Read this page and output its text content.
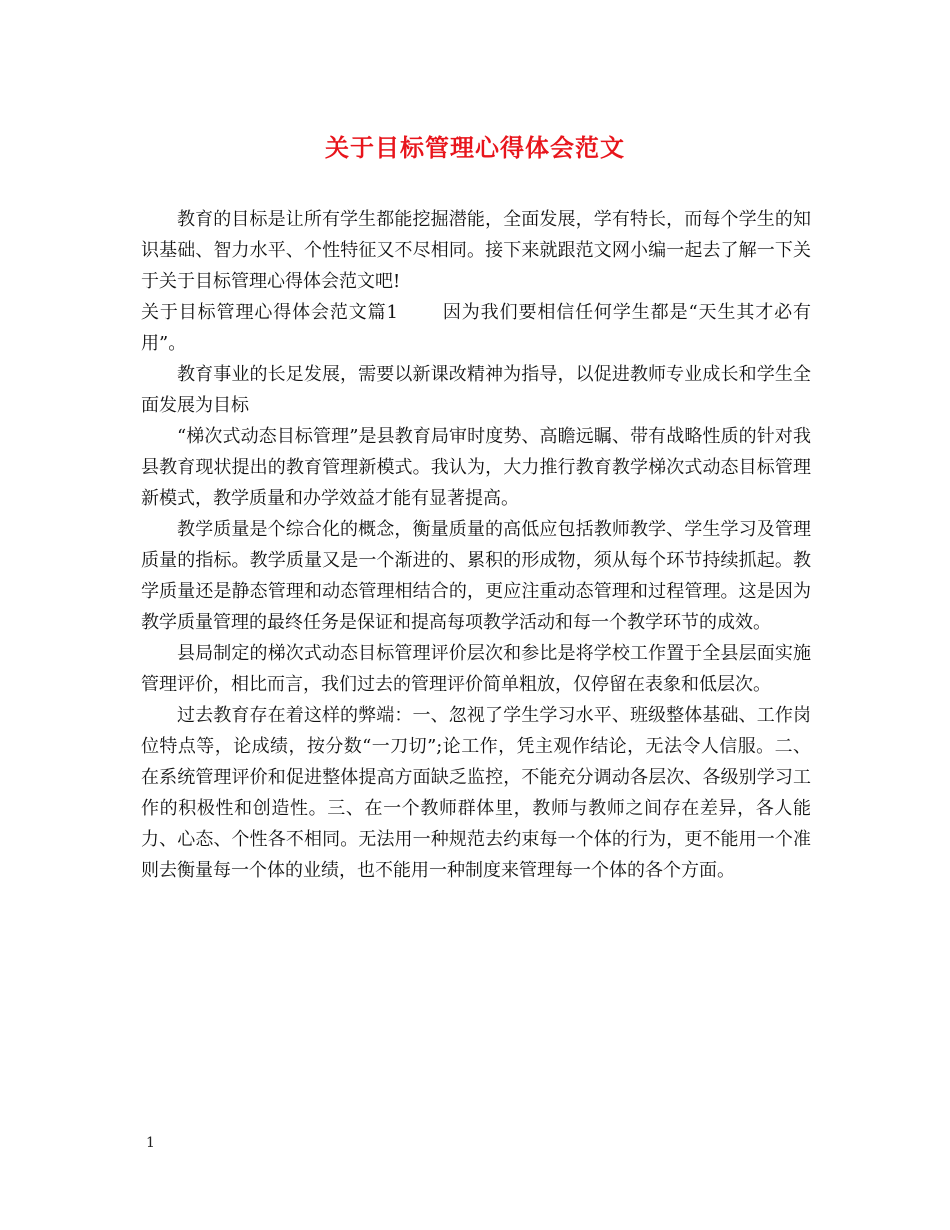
关于目标管理心得体会范文

教育的目标是让所有学生都能挖掘潜能，全面发展，学有特长，而每个学生的知识基础、智力水平、个性特征又不尽相同。接下来就跟范文网小编一起去了解一下关于关于目标管理心得体会范文吧!

关于目标管理心得体会范文篇1 因为我们要相信任何学生都是“天生其才必有用”。

教育事业的长足发展，需要以新课改精神为指导，以促进教师专业成长和学生全面发展为目标

“梯次式动态目标管理”是县教育局审时度势、高瞻远瞩、带有战略性质的针对我县教育现状提出的教育管理新模式。我认为，大力推行教育教学梯次式动态目标管理新模式，教学质量和办学效益才能有显著提高。

教学质量是个综合化的概念，衡量质量的高低应包括教师教学、学生学习及管理质量的指标。教学质量又是一个渐进的、累积的形成物，须从每个环节持续抓起。教学质量还是静态管理和动态管理相结合的，更应注重动态管理和过程管理。这是因为教学质量管理的最终任务是保证和提高每项教学活动和每一个教学环节的成效。

县局制定的梯次式动态目标管理评价层次和参比是将学校工作置于全县层面实施管理评价，相比而言，我们过去的管理评价简单粗放，仅停留在表象和低层次。

过去教育存在着这样的弊端：一、忽视了学生学习水平、班级整体基础、工作岗位特点等，论成绩，按分数“一刀切”;论工作，凭主观作结论，无法令人信服。二、在系统管理评价和促进整体提高方面缺乏监控，不能充分调动各层次、各级别学习工作的积极性和创造性。三、在一个教师群体里，教师与教师之间存在差异，各人能力、心态、个性各不相同。无法用一种规范去约束每一个体的行为，更不能用一个准则去衡量每一个体的业绩，也不能用一种制度来管理每一个体的各个方面。

1
